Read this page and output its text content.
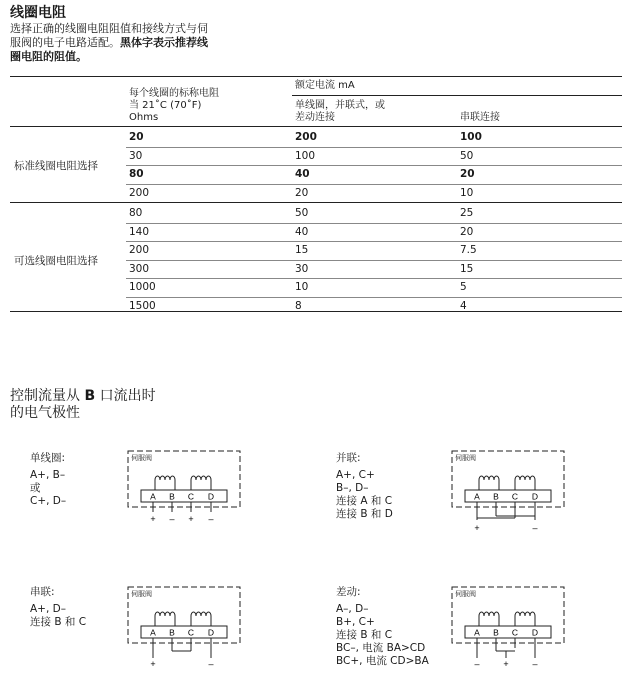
线圈电阻
选择正确的线圈电阻阻值和接线方式与伺
服阀的电子电路适配。黑体字表示推荐线
圈电阻的阻值。
每个线圈的标称电阻
当 21˚C (70˚F)
Ohms
额定电流 mA
单线圈，并联式，或
差动连接	串联连接
20	200	100
30	100	50
80	40	20
200	20	10
标准线圈电阻选择
80	50	25
140	40	20
200	15	7.5
300	30	15
1000	10	5
1500	8	4
可选线圈电阻选择
控制流量从 B 口流出时
的电气极性
单线圈:
A+, B–
或
C+, D–
伺服阀
A B C D
+ – + –
并联:
A+, C+
B–, D–
连接 A 和 C
连接 B 和 D
伺服阀
A B C D
+	–
串联:
A+, D–
连接 B 和 C
伺服阀
A B C D
+	–
差动:
A–, D–
B+, C+
连接 B 和 C
BC–, 电流 BA>CD
BC+, 电流 CD>BA
伺服阀
A B C D
–	+	–
